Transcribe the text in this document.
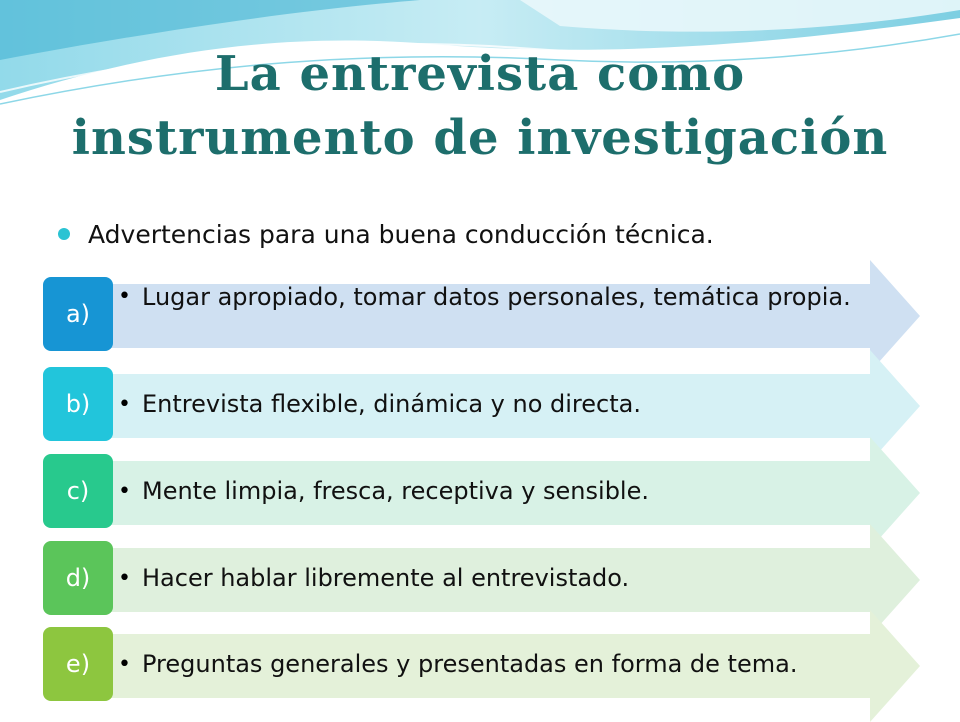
La entrevista como
instrumento de investigación
Advertencias para una buena conducción técnica.
a)
• Lugar apropiado, tomar datos personales, temática propia.
b) • Entrevista flexible, dinámica y no directa.
c) • Mente limpia, fresca, receptiva y sensible.
d) • Hacer hablar libremente al entrevistado.
e) • Preguntas generales y presentadas en forma de tema.
